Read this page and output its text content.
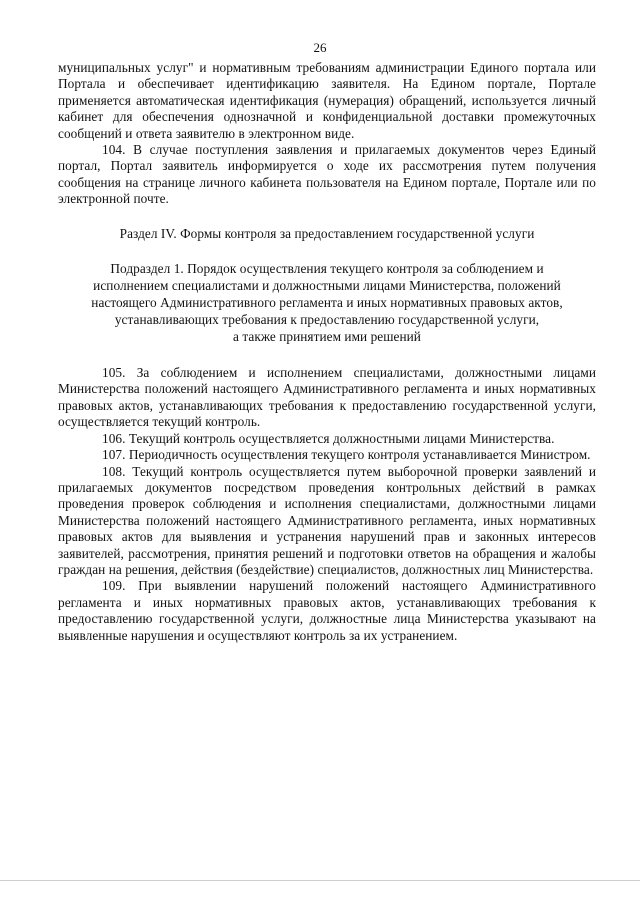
26

муниципальных услуг" и нормативным требованиям администрации Единого портала или Портала и обеспечивает идентификацию заявителя. На Едином портале, Портале применяется автоматическая идентификация (нумерация) обращений, используется личный кабинет для обеспечения однозначной и конфиденциальной доставки промежуточных сообщений и ответа заявителю в электронном виде.

104. В случае поступления заявления и прилагаемых документов через Единый портал, Портал заявитель информируется о ходе их рассмотрения путем получения сообщения на странице личного кабинета пользователя на Едином портале, Портале или по электронной почте.

Раздел IV. Формы контроля за предоставлением государственной услуги

Подраздел 1. Порядок осуществления текущего контроля за соблюдением и
исполнением специалистами и должностными лицами Министерства, положений
настоящего Административного регламента и иных нормативных правовых актов,
устанавливающих требования к предоставлению государственной услуги,
а также принятием ими решений

105. За соблюдением и исполнением специалистами, должностными лицами Министерства положений настоящего Административного регламента и иных нормативных правовых актов, устанавливающих требования к предоставлению государственной услуги, осуществляется текущий контроль.

106. Текущий контроль осуществляется должностными лицами Министерства.

107. Периодичность осуществления текущего контроля устанавливается Министром.

108. Текущий контроль осуществляется путем выборочной проверки заявлений и прилагаемых документов посредством проведения контрольных действий в рамках проведения проверок соблюдения и исполнения специалистами, должностными лицами Министерства положений настоящего Административного регламента, иных нормативных правовых актов для выявления и устранения нарушений прав и законных интересов заявителей, рассмотрения, принятия решений и подготовки ответов на обращения и жалобы граждан на решения, действия (бездействие) специалистов, должностных лиц Министерства.

109. При выявлении нарушений положений настоящего Административного регламента и иных нормативных правовых актов, устанавливающих требования к предоставлению государственной услуги, должностные лица Министерства указывают на выявленные нарушения и осуществляют контроль за их устранением.
